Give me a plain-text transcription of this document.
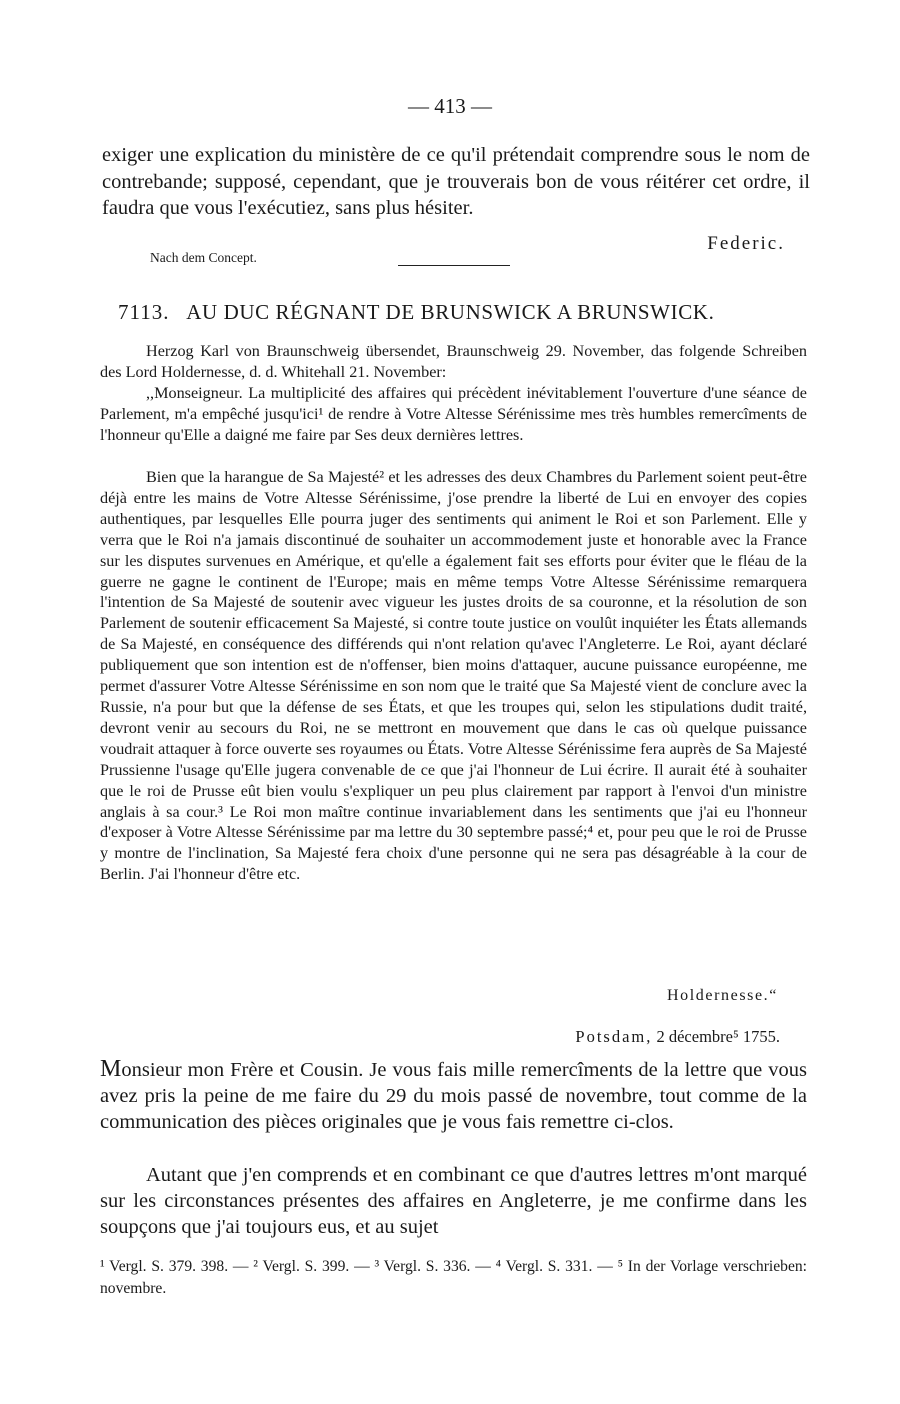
— 413 —

exiger une explication du ministère de ce qu'il prétendait comprendre sous le nom de contrebande; supposé, cependant, que je trouverais bon de vous réitérer cet ordre, il faudra que vous l'exécutiez, sans plus hésiter.

Federic.
Nach dem Concept.
7113. AU DUC RÉGNANT DE BRUNSWICK A BRUNSWICK.

Herzog Karl von Braunschweig übersendet, Braunschweig 29. November, das folgende Schreiben des Lord Holdernesse, d. d. Whitehall 21. November:

,,Monseigneur. La multiplicité des affaires qui précèdent inévitablement l'ouverture d'une séance de Parlement, m'a empêché jusqu'ici¹ de rendre à Votre Altesse Sérénissime mes très humbles remercîments de l'honneur qu'Elle a daigné me faire par Ses deux dernières lettres.

Bien que la harangue de Sa Majesté² et les adresses des deux Chambres du Parlement soient peut-être déjà entre les mains de Votre Altesse Sérénissime, j'ose prendre la liberté de Lui en envoyer des copies authentiques, par lesquelles Elle pourra juger des sentiments qui animent le Roi et son Parlement. Elle y verra que le Roi n'a jamais discontinué de souhaiter un accommodement juste et honorable avec la France sur les disputes survenues en Amérique, et qu'elle a également fait ses efforts pour éviter que le fléau de la guerre ne gagne le continent de l'Europe; mais en même temps Votre Altesse Sérénissime remarquera l'intention de Sa Majesté de soutenir avec vigueur les justes droits de sa couronne, et la résolution de son Parlement de soutenir efficacement Sa Majesté, si contre toute justice on voulût inquiéter les États allemands de Sa Majesté, en conséquence des différends qui n'ont relation qu'avec l'Angleterre. Le Roi, ayant déclaré publiquement que son intention est de n'offenser, bien moins d'attaquer, aucune puissance européenne, me permet d'assurer Votre Altesse Sérénissime en son nom que le traité que Sa Majesté vient de conclure avec la Russie, n'a pour but que la défense de ses États, et que les troupes qui, selon les stipulations dudit traité, devront venir au secours du Roi, ne se mettront en mouvement que dans le cas où quelque puissance voudrait attaquer à force ouverte ses royaumes ou États. Votre Altesse Sérénissime fera auprès de Sa Majesté Prussienne l'usage qu'Elle jugera convenable de ce que j'ai l'honneur de Lui écrire. Il aurait été à souhaiter que le roi de Prusse eût bien voulu s'expliquer un peu plus clairement par rapport à l'envoi d'un ministre anglais à sa cour.³ Le Roi mon maître continue invariablement dans les sentiments que j'ai eu l'honneur d'exposer à Votre Altesse Sérénissime par ma lettre du 30 septembre passé;⁴ et, pour peu que le roi de Prusse y montre de l'inclination, Sa Majesté fera choix d'une personne qui ne sera pas désagréable à la cour de Berlin. J'ai l'honneur d'être etc.

Holdernesse.“
Potsdam, 2 décembre⁵ 1755.

Monsieur mon Frère et Cousin. Je vous fais mille remercîments de la lettre que vous avez pris la peine de me faire du 29 du mois passé de novembre, tout comme de la communication des pièces originales que je vous fais remettre ci-clos.

Autant que j'en comprends et en combinant ce que d'autres lettres m'ont marqué sur les circonstances présentes des affaires en Angleterre, je me confirme dans les soupçons que j'ai toujours eus, et au sujet

¹ Vergl. S. 379. 398. — ² Vergl. S. 399. — ³ Vergl. S. 336. — ⁴ Vergl. S. 331. — ⁵ In der Vorlage verschrieben: novembre.
